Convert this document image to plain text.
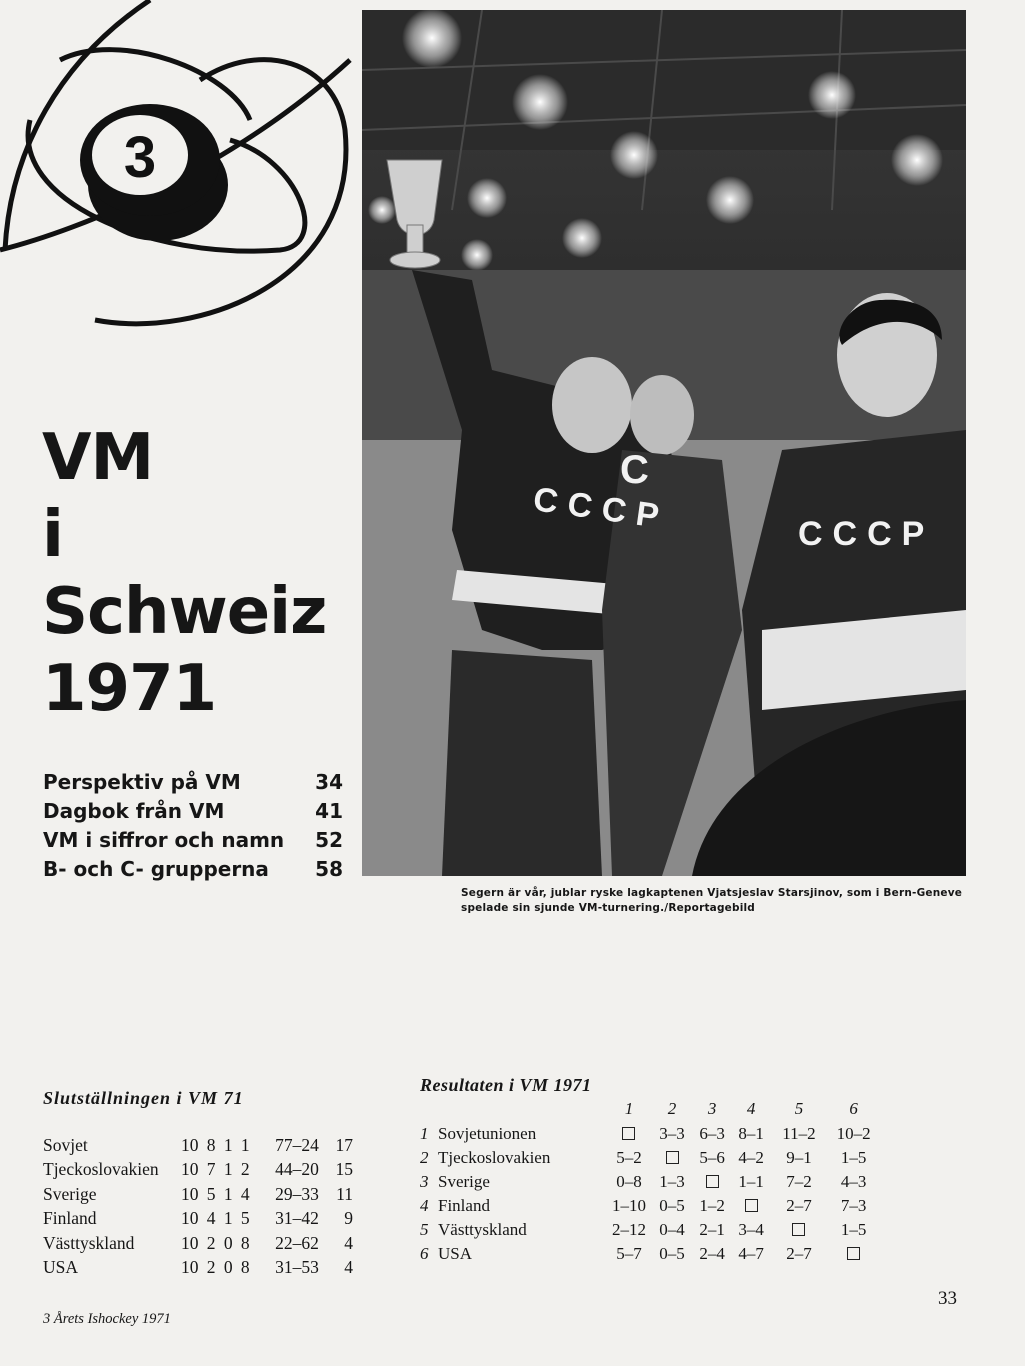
3
CCCP
C
CCCP
Segern är vår, jublar ryske lagkaptenen Vjatsjeslav Starsjinov, som i Bern-Geneve spelade sin sjunde VM-turnering./Reportagebild
VM
i
Schweiz
1971
Perspektiv på VM	34
Dagbok från VM	41
VM i siffror och namn 52
B- och C- grupperna 58
Slutställningen i VM 71
Sovjet	10	8	1	1	77–24	17
Tjeckoslovakien	10	7	1	2	44–20	15
Sverige	10	5	1	4	29–33	11
Finland	10	4	1	5	31–42	9
Västtyskland	10	2	0	8	22–62	4
USA	10	2	0	8	31–53	4
Resultaten i VM 1971
	1	2	3	4	5	6
1 Sovjetunionen		3–3	6–3	8–1	11–2	10–2
2 Tjeckoslovakien	5–2		5–6	4–2	9–1	1–5
3 Sverige	0–8	1–3		1–1	7–2	4–3
4 Finland	1–10	0–5	1–2		2–7	7–3
5 Västtyskland	2–12	0–4	2–1	3–4		1–5
6 USA	5–7	0–5	2–4	4–7	2–7	
33
3 Årets Ishockey 1971
